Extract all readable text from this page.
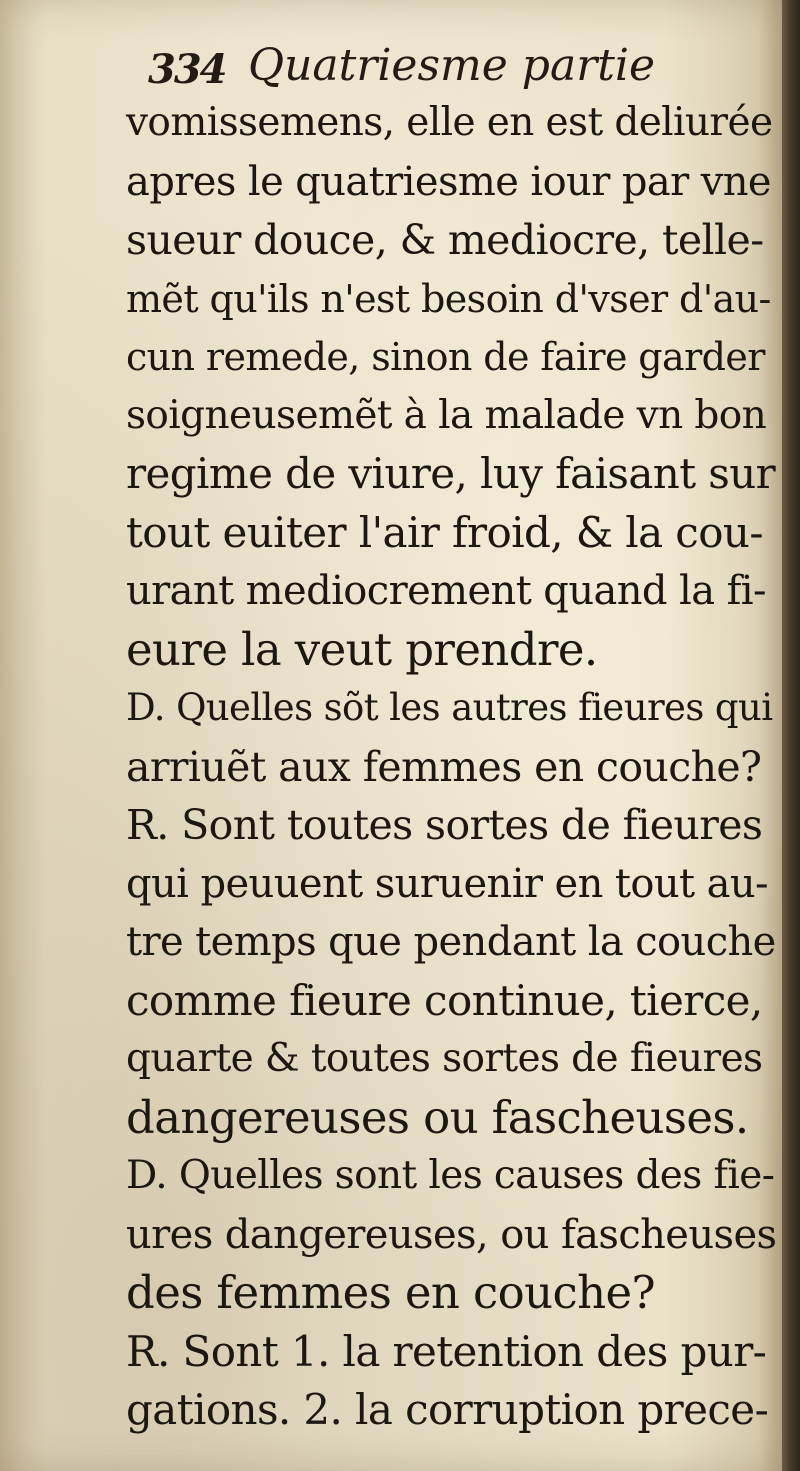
334 Quatriesme partie
vomissemens, elle en est deliurée
apres le quatriesme iour par vne
sueur douce, & mediocre, telle-
mẽt qu'ils n'est besoin d'vser d'au-
cun remede, sinon de faire garder
soigneusemẽt à la malade vn bon
regime de viure, luy faisant sur
tout euiter l'air froid, & la cou-
urant mediocrement quand la fi-
eure la veut prendre.
D. Quelles sõt les autres fieures qui
arriuẽt aux femmes en couche?
R. Sont toutes sortes de fieures
qui peuuent suruenir en tout au-
tre temps que pendant la couche
comme fieure continue, tierce,
quarte & toutes sortes de fieures
dangereuses ou fascheuses.
D. Quelles sont les causes des fie-
ures dangereuses, ou fascheuses
des femmes en couche?
R. Sont 1. la retention des pur-
gations. 2. la corruption prece-
